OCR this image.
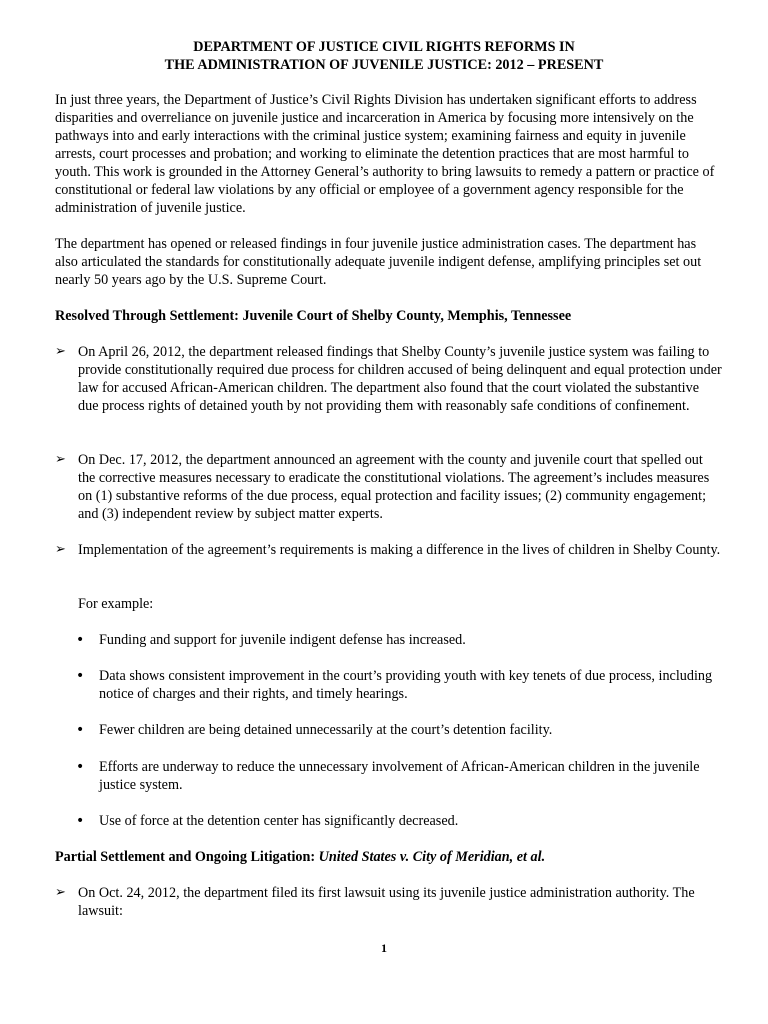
DEPARTMENT OF JUSTICE CIVIL RIGHTS REFORMS IN
THE ADMINISTRATION OF JUVENILE JUSTICE: 2012 – PRESENT

In just three years, the Department of Justice’s Civil Rights Division has undertaken significant efforts to address disparities and overreliance on juvenile justice and incarceration in America by focusing more intensively on the pathways into and early interactions with the criminal justice system; examining fairness and equity in juvenile arrests, court processes and probation; and working to eliminate the detention practices that are most harmful to youth. This work is grounded in the Attorney General’s authority to bring lawsuits to remedy a pattern or practice of constitutional or federal law violations by any official or employee of a government agency responsible for the administration of juvenile justice.

The department has opened or released findings in four juvenile justice administration cases. The department has also articulated the standards for constitutionally adequate juvenile indigent defense, amplifying principles set out nearly 50 years ago by the U.S. Supreme Court.

Resolved Through Settlement: Juvenile Court of Shelby County, Memphis, Tennessee

➢ On April 26, 2012, the department released findings that Shelby County’s juvenile justice system was failing to provide constitutionally required due process for children accused of being delinquent and equal protection under law for accused African-American children. The department also found that the court violated the substantive due process rights of detained youth by not providing them with reasonably safe conditions of confinement.

➢ On Dec. 17, 2012, the department announced an agreement with the county and juvenile court that spelled out the corrective measures necessary to eradicate the constitutional violations. The agreement’s includes measures on (1) substantive reforms of the due process, equal protection and facility issues; (2) community engagement; and (3) independent review by subject matter experts.

➢ Implementation of the agreement’s requirements is making a difference in the lives of children in Shelby County.

For example:

• Funding and support for juvenile indigent defense has increased.

• Data shows consistent improvement in the court’s providing youth with key tenets of due process, including notice of charges and their rights, and timely hearings.

• Fewer children are being detained unnecessarily at the court’s detention facility.

• Efforts are underway to reduce the unnecessary involvement of African-American children in the juvenile justice system.

• Use of force at the detention center has significantly decreased.

Partial Settlement and Ongoing Litigation: United States v. City of Meridian, et al.

➢ On Oct. 24, 2012, the department filed its first lawsuit using its juvenile justice administration authority. The lawsuit:

1
